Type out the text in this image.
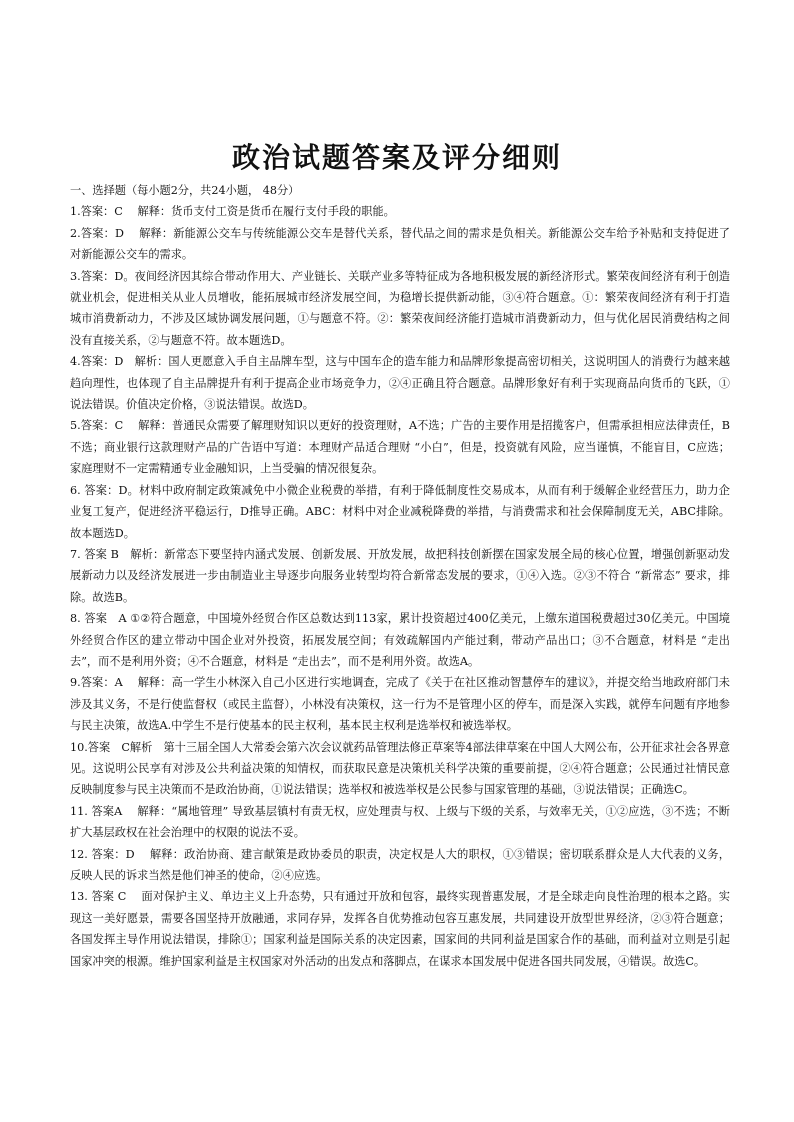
政治试题答案及评分细则

一、选择题（每小题2分，共24小题， 48分）

1.答案：C　 解释：货币支付工资是货币在履行支付手段的职能。

2.答案：D　 解释：新能源公交车与传统能源公交车是替代关系，替代品之间的需求是负相关。新能源公交车给予补贴和支持促进了对新能源公交车的需求。

3.答案：D。夜间经济因其综合带动作用大、产业链长、关联产业多等特征成为各地积极发展的新经济形式。繁荣夜间经济有利于创造就业机会，促进相关从业人员增收，能拓展城市经济发展空间，为稳增长提供新动能，③④符合题意。①：繁荣夜间经济有利于打造城市消费新动力，不涉及区域协调发展问题，①与题意不符。②：繁荣夜间经济能打造城市消费新动力，但与优化居民消费结构之间没有直接关系，②与题意不符。故本题选D。

4.答案：D　解析：国人更愿意入手自主品牌车型，这与中国车企的造车能力和品牌形象提高密切相关，这说明国人的消费行为越来越趋向理性，也体现了自主品牌提升有利于提高企业市场竞争力，②④正确且符合题意。品牌形象好有利于实现商品向货币的飞跃，①说法错误。价值决定价格，③说法错误。故选D。

5.答案：C　 解释：普通民众需要了解理财知识以更好的投资理财，A不选；广告的主要作用是招揽客户，但需承担相应法律责任，B不选；商业银行这款理财产品的广告语中写道：本理财产品适合理财 “小白”，但是，投资就有风险，应当谨慎，不能盲目，C应选；家庭理财不一定需精通专业金融知识，上当受骗的情况很复杂。

6. 答案：D。材料中政府制定政策减免中小微企业税费的举措，有利于降低制度性交易成本，从而有利于缓解企业经营压力，助力企业复工复产，促进经济平稳运行，D推导正确。ABC：材料中对企业减税降费的举措，与消费需求和社会保障制度无关，ABC排除。故本题选D。

7. 答案 B　解析：新常态下要坚持内涵式发展、创新发展、开放发展，故把科技创新摆在国家发展全局的核心位置，增强创新驱动发展新动力以及经济发展进一步由制造业主导逐步向服务业转型均符合新常态发展的要求，①④入选。②③不符合 “新常态” 要求，排除。故选B。

8. 答案　A ①②符合题意，中国境外经贸合作区总数达到113家，累计投资超过400亿美元，上缴东道国税费超过30亿美元。中国境外经贸合作区的建立带动中国企业对外投资，拓展发展空间；有效疏解国内产能过剩，带动产品出口；③不合题意，材料是 “走出去”，而不是利用外资；④不合题意，材料是 “走出去”，而不是利用外资。故选A。

9.答案：A　 解释：高一学生小林深入自己小区进行实地调查，完成了《关于在社区推动智慧停车的建议》，并提交给当地政府部门未涉及其义务，不是行使监督权（或民主监督），小林没有决策权，这一行为不是管理小区的停车，而是深入实践，就停车问题有序地参与民主决策，故选A.中学生不是行使基本的民主权利，基本民主权利是选举权和被选举权。

10.答案　C解析　第十三届全国人大常委会第六次会议就药品管理法修正草案等4部法律草案在中国人大网公布，公开征求社会各界意见。这说明公民享有对涉及公共利益决策的知情权，而获取民意是决策机关科学决策的重要前提，②④符合题意；公民通过社情民意反映制度参与民主决策而不是政治协商，①说法错误；选举权和被选举权是公民参与国家管理的基础，③说法错误；正确选C。

11. 答案A　 解释：“属地管理” 导致基层镇村有责无权，应处理责与权、上级与下级的关系，与效率无关，①②应选，③不选；不断扩大基层政权在社会治理中的权限的说法不妥。

12. 答案：D　 解释：政治协商、建言献策是政协委员的职责，决定权是人大的职权，①③错误；密切联系群众是人大代表的义务，反映人民的诉求当然是他们神圣的使命，②④应选。

13. 答案 C　 面对保护主义、单边主义上升态势，只有通过开放和包容，最终实现普惠发展，才是全球走向良性治理的根本之路。实现这一美好愿景，需要各国坚持开放融通，求同存异，发挥各自优势推动包容互惠发展，共同建设开放型世界经济，②③符合题意；各国发挥主导作用说法错误，排除①；国家利益是国际关系的决定因素，国家间的共同利益是国家合作的基础，而利益对立则是引起国家冲突的根源。维护国家利益是主权国家对外活动的出发点和落脚点，在谋求本国发展中促进各国共同发展，④错误。故选C。
